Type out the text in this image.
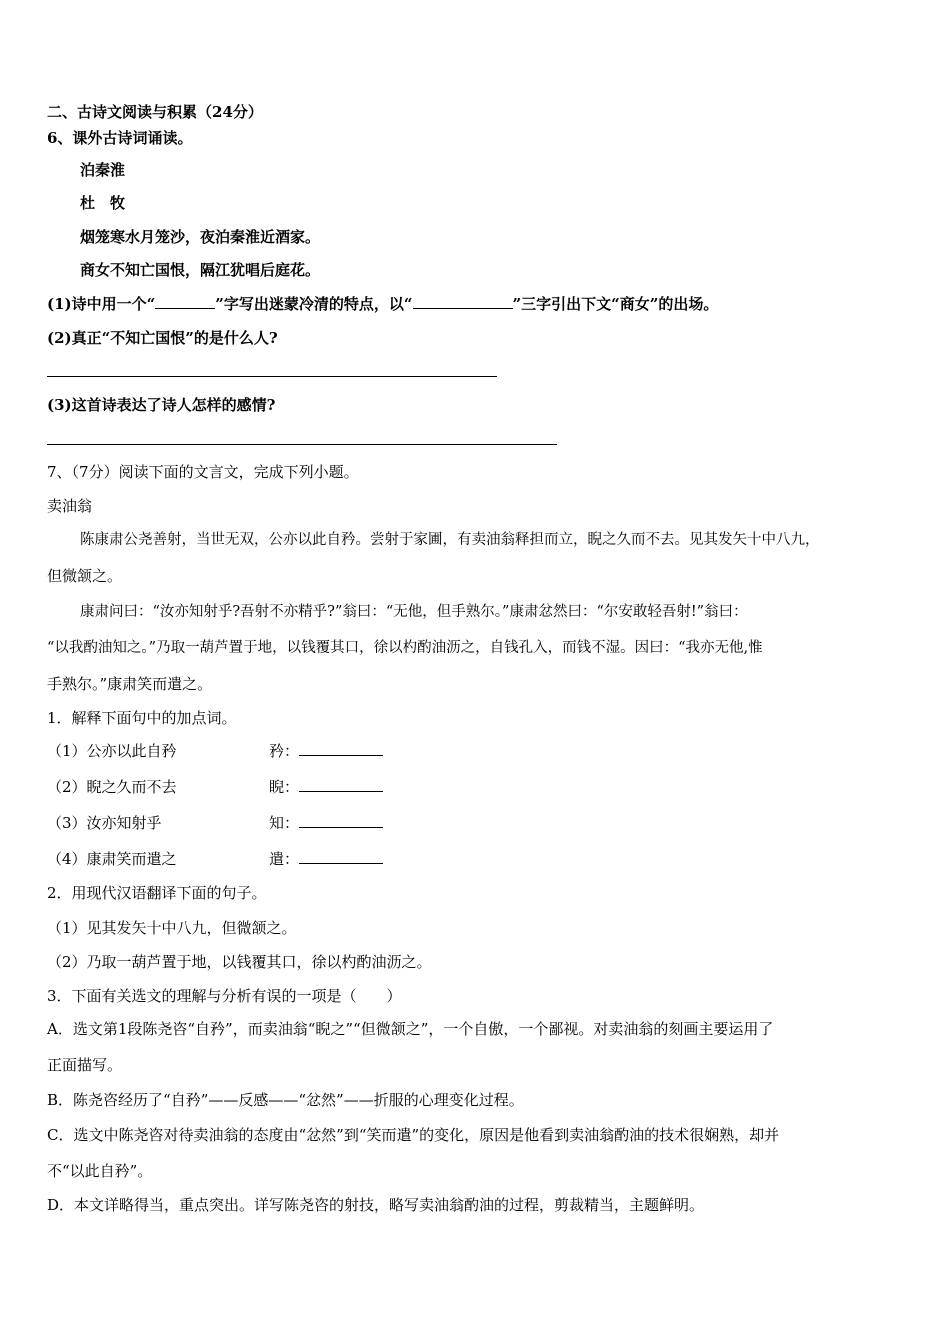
二、古诗文阅读与积累（24分）
6、课外古诗词诵读。
泊秦淮
杜　牧
烟笼寒水月笼沙，夜泊秦淮近酒家。
商女不知亡国恨，隔江犹唱后庭花。
(1)诗中用一个“	”字写出迷蒙冷清的特点，以“	”三字引出下文“商女”的出场。
(2)真正“不知亡国恨”的是什么人?
(3)这首诗表达了诗人怎样的感情?
7、（7分）阅读下面的文言文，完成下列小题。
卖油翁
陈康肃公尧善射，当世无双，公亦以此自矜。尝射于家圃，有卖油翁释担而立，睨之久而不去。见其发矢十中八九，
但微颔之。
康肃问曰：“汝亦知射乎?吾射不亦精乎?”翁曰：“无他，但手熟尔。”康肃忿然曰：“尔安敢轻吾射!”翁曰：
“以我酌油知之。”乃取一葫芦置于地，以钱覆其口，徐以杓酌油沥之，自钱孔入，而钱不湿。因曰：“我亦无他,惟
手熟尔。”康肃笑而遣之。
1．解释下面句中的加点词。
（1）公亦以此自矜	矜：
（2）睨之久而不去	睨：
（3）汝亦知射乎	知：
（4）康肃笑而遣之	遣：
2．用现代汉语翻译下面的句子。
（1）见其发矢十中八九，但微颔之。
（2）乃取一葫芦置于地，以钱覆其口，徐以杓酌油沥之。
3．下面有关选文的理解与分析有误的一项是（　　）
A．选文第1段陈尧咨“自矜”，而卖油翁“睨之”“但微颔之”，一个自傲，一个鄙视。对卖油翁的刻画主要运用了
正面描写。
B．陈尧咨经历了“自矜”——反感——“忿然”——折服的心理变化过程。
C．选文中陈尧咨对待卖油翁的态度由“忿然”到“笑而遣”的变化，原因是他看到卖油翁酌油的技术很娴熟，却并
不“以此自矜”。
D．本文详略得当，重点突出。详写陈尧咨的射技，略写卖油翁酌油的过程，剪裁精当，主题鲜明。
